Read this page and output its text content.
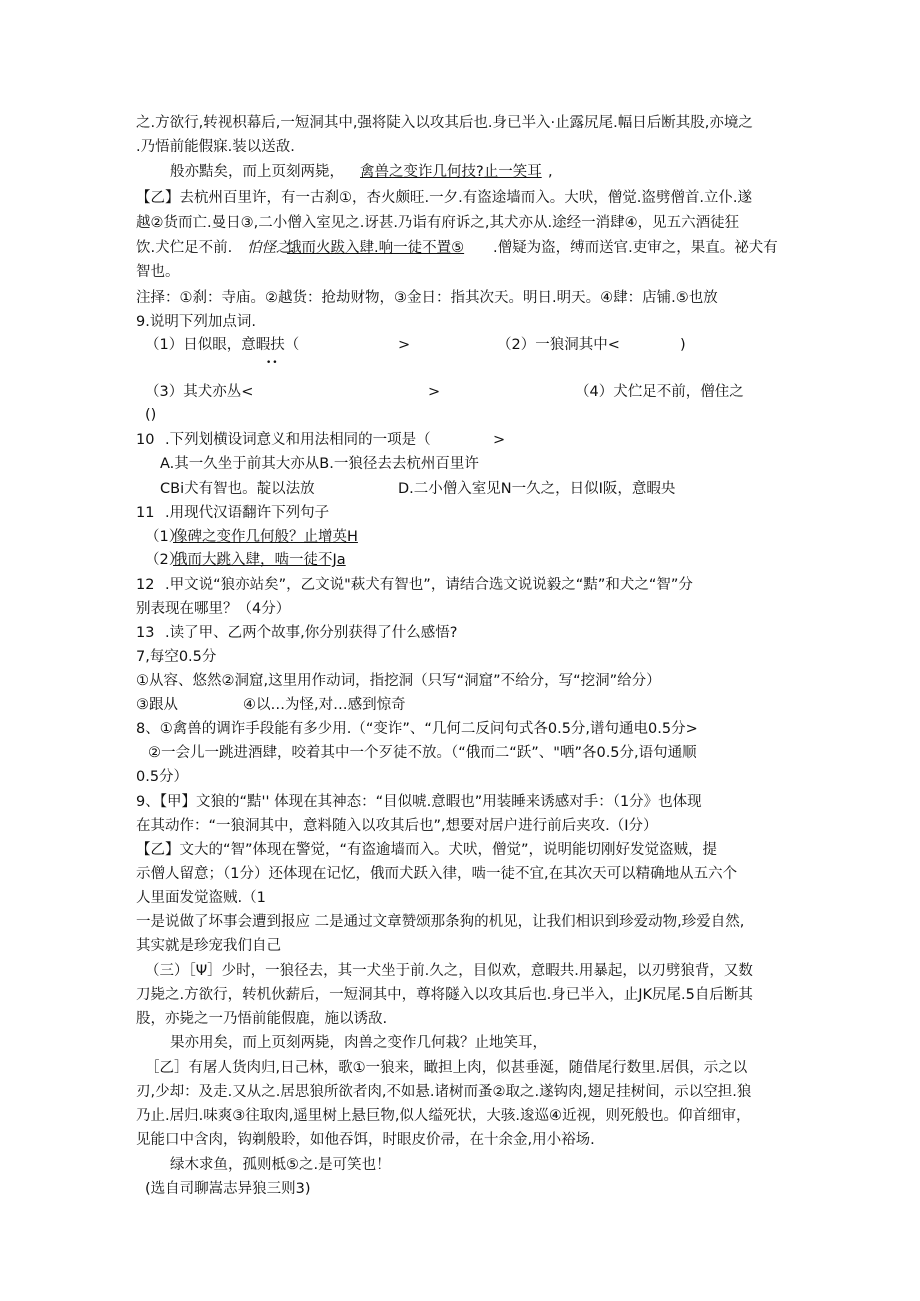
之.方欲行,转视枳幕后,一短洞其中,强将陡入以攻其后也.身已半入·止露尻尾.幅日后断其股,亦境之
.乃悟前能假寐.装以送敌.
般亦黠矣，而上页刻两毙， 禽兽之变诈几何技?止一笑耳 ,
【乙】去杭州百里许，有一古刹①，杏火颇旺.一夕.有盗途墙而入。大吠，僧觉.盗劈僧首.立仆.遂
越②货而亡.曼日③,二小僧入室见之.讶甚.乃诣有府诉之,其犬亦从.途经一消肆④，见五六酒徒狂
饮.犬伫足不前. 怕怪之.
饿而火跋入肆.响一徒不置⑤ .僧疑为盗，缚而送官.吏审之，果直。祕犬有
智也。
注择：①刹：寺庙。②越货：抢劫财物，③金日：指其次天。明日.明天。④肆：店铺.⑤也放
9.说明下列加点词.
（1）日似眼，意暇扶（	>	（2）一狼洞其中<	)
••
（3）其犬亦丛<	>	（4）犬伫足不前，僧住之
()
10 .下列划横设词意义和用法相同的一项是（	>
A.其一久坐于前其大亦从B.一狼径去去杭州百里许
CBi犬有智也。靛以法放	D.二小僧入室见N一久之，日似I阪，意暇央
11 .用现代汉语翻许下列句子
（1）
像碑之变作几何般？止增英H
（2）
俄而大跳入肆，啮一徒不Ja
12 .甲文说“狼亦站矣”，乙文说"萩犬有智也”，请结合选文说说毅之“黠”和犬之“智”分
别表现在哪里？（4分）
13 .读了甲、乙两个故事,你分别获得了什么感悟?
7,每空0.5分
①从容、悠然②洞窟,这里用作动词，指挖洞（只写“洞窟”不给分，写“挖洞”给分）
③跟从	④以…为怪,对…感到惊奇
8、①禽兽的调诈手段能有多少用.（“变诈”、“几何二反问句式各0.5分,谱句通电0.5分>
②一会儿一跳进酒肆，咬着其中一个歹徒不放。（“俄而二“跃”、"哂”各0.5分,语句通顺
0.5分）
9、【甲】文狼的“黠'' 体现在其神态：“目似唬.意暇也”用装睡来诱感对手：（1分》也体现
在其动作：“一狼洞其中，意料随入以攻其后也”,想要对居户进行前后夹攻.（I分）
【乙】文大的“智”体现在警觉，“有盗逾墙而入。犬吠，僧觉”，说明能切刚好发觉盗贼，提
示僧人留意；（1分）还体现在记忆，俄而犬跃入律，啮一徒不宜,在其次天可以精确地从五六个
人里面发觉盗贼.（1
一是说做了坏事会遭到报应 二是通过文章赞颂那条狗的机见，让我们相识到珍爱动物,珍爱自然,
其实就是珍宠我们自己
（三）［Ψ］少时，一狼径去，其一犬坐于前.久之，目似欢，意暇共.用暴起，以刃劈狼背，又数
刀毙之.方欲行，转机伙薪后，一短洞其中，尊将隧入以攻其后也.身已半入，止JK尻尾.5自后断其
股，亦毙之一乃悟前能假鹿，施以诱敌.
果亦用矣，而上页刻两毙，肉兽之变作几何栽？止地笑耳，
［乙］有屠人货肉归,日己林，歌①一狼来，瞰担上肉，似甚垂涎，随借尾行数里.居俱，示之以
刃,少却：及走.又从之.居思狼所欲者肉,不如悬.诸树而蚤②取之.遂钩肉,翅足挂树间，示以空担.狼
乃止.居归.味爽③往取肉,遥里树上悬巨物,似人缢死状，大骇.逡巡④近视，则死般也。仰首细审，
见能口中含肉，钩剃般聆，如他吞饵，时眼皮价帚，在十余金,用小裕场.
绿木求鱼，孤则柢⑤之.是可笑也！
(选自司聊嵩志异狼三则3)
